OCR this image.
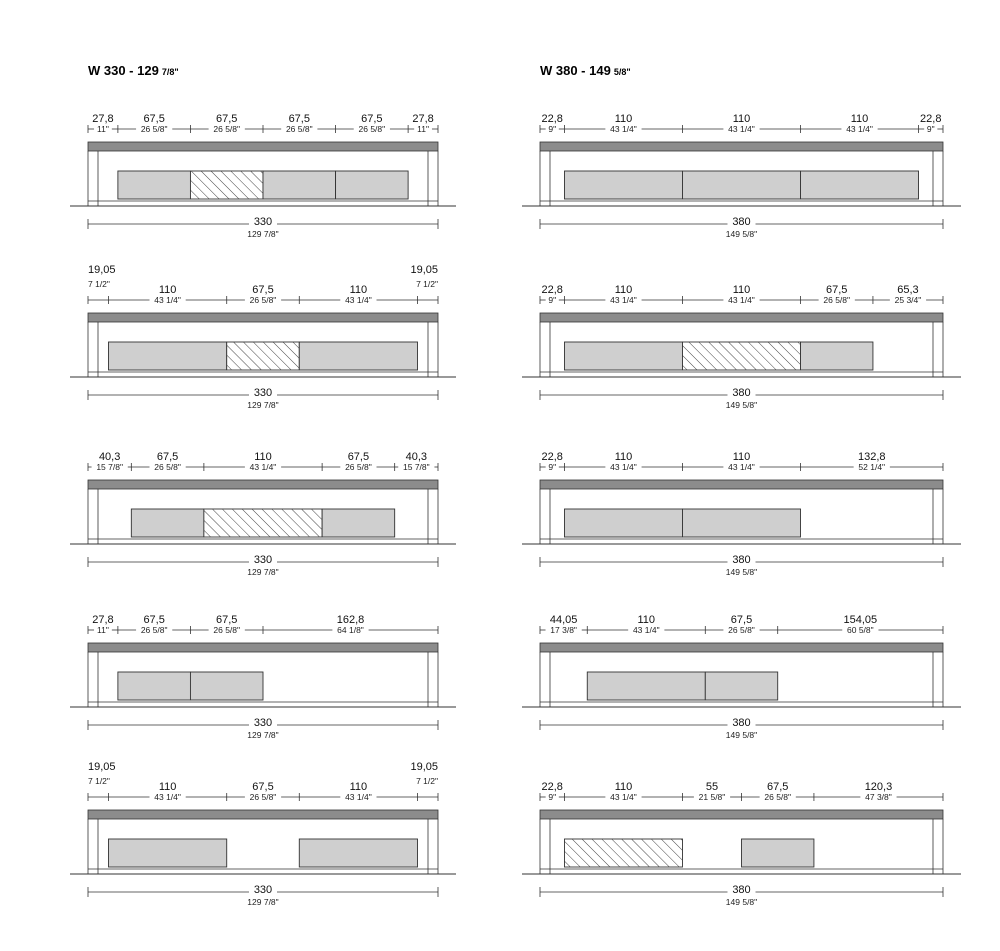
W 330 - 129 7/8"
27,8
11"
67,5
26 5/8"
67,5
26 5/8"
67,5
26 5/8"
67,5
26 5/8"
27,8
11"
330
129 7/8"
19,05
7 1/2"	110
43 1/4"
67,5
26 5/8"
110
43 1/4"
19,05
7 1/2"
330
129 7/8"
40,3
15 7/8"
67,5
26 5/8"
110
43 1/4"
67,5
26 5/8"
40,3
15 7/8"
330
129 7/8"
27,8
11"
67,5
26 5/8"
67,5
26 5/8"
162,8
64 1/8"
330
129 7/8"
19,05
7 1/2"	110
43 1/4"
67,5
26 5/8"
110
43 1/4"
19,05
7 1/2"
330
129 7/8"
W 380 - 149 5/8"
22,8
9"
110
43 1/4"
110
43 1/4"
110
43 1/4"
22,8
9"
380
149 5/8"
22,8
9"
110
43 1/4"
110
43 1/4"
67,5
26 5/8"
65,3
25 3/4"
380
149 5/8"
22,8
9"
110
43 1/4"
110
43 1/4"
132,8
52 1/4"
380
149 5/8"
44,05
17 3/8"
110
43 1/4"
67,5
26 5/8"
154,05
60 5/8"
380
149 5/8"
22,8
9"
110
43 1/4"
55
21 5/8"
67,5
26 5/8"
120,3
47 3/8"
380
149 5/8"
